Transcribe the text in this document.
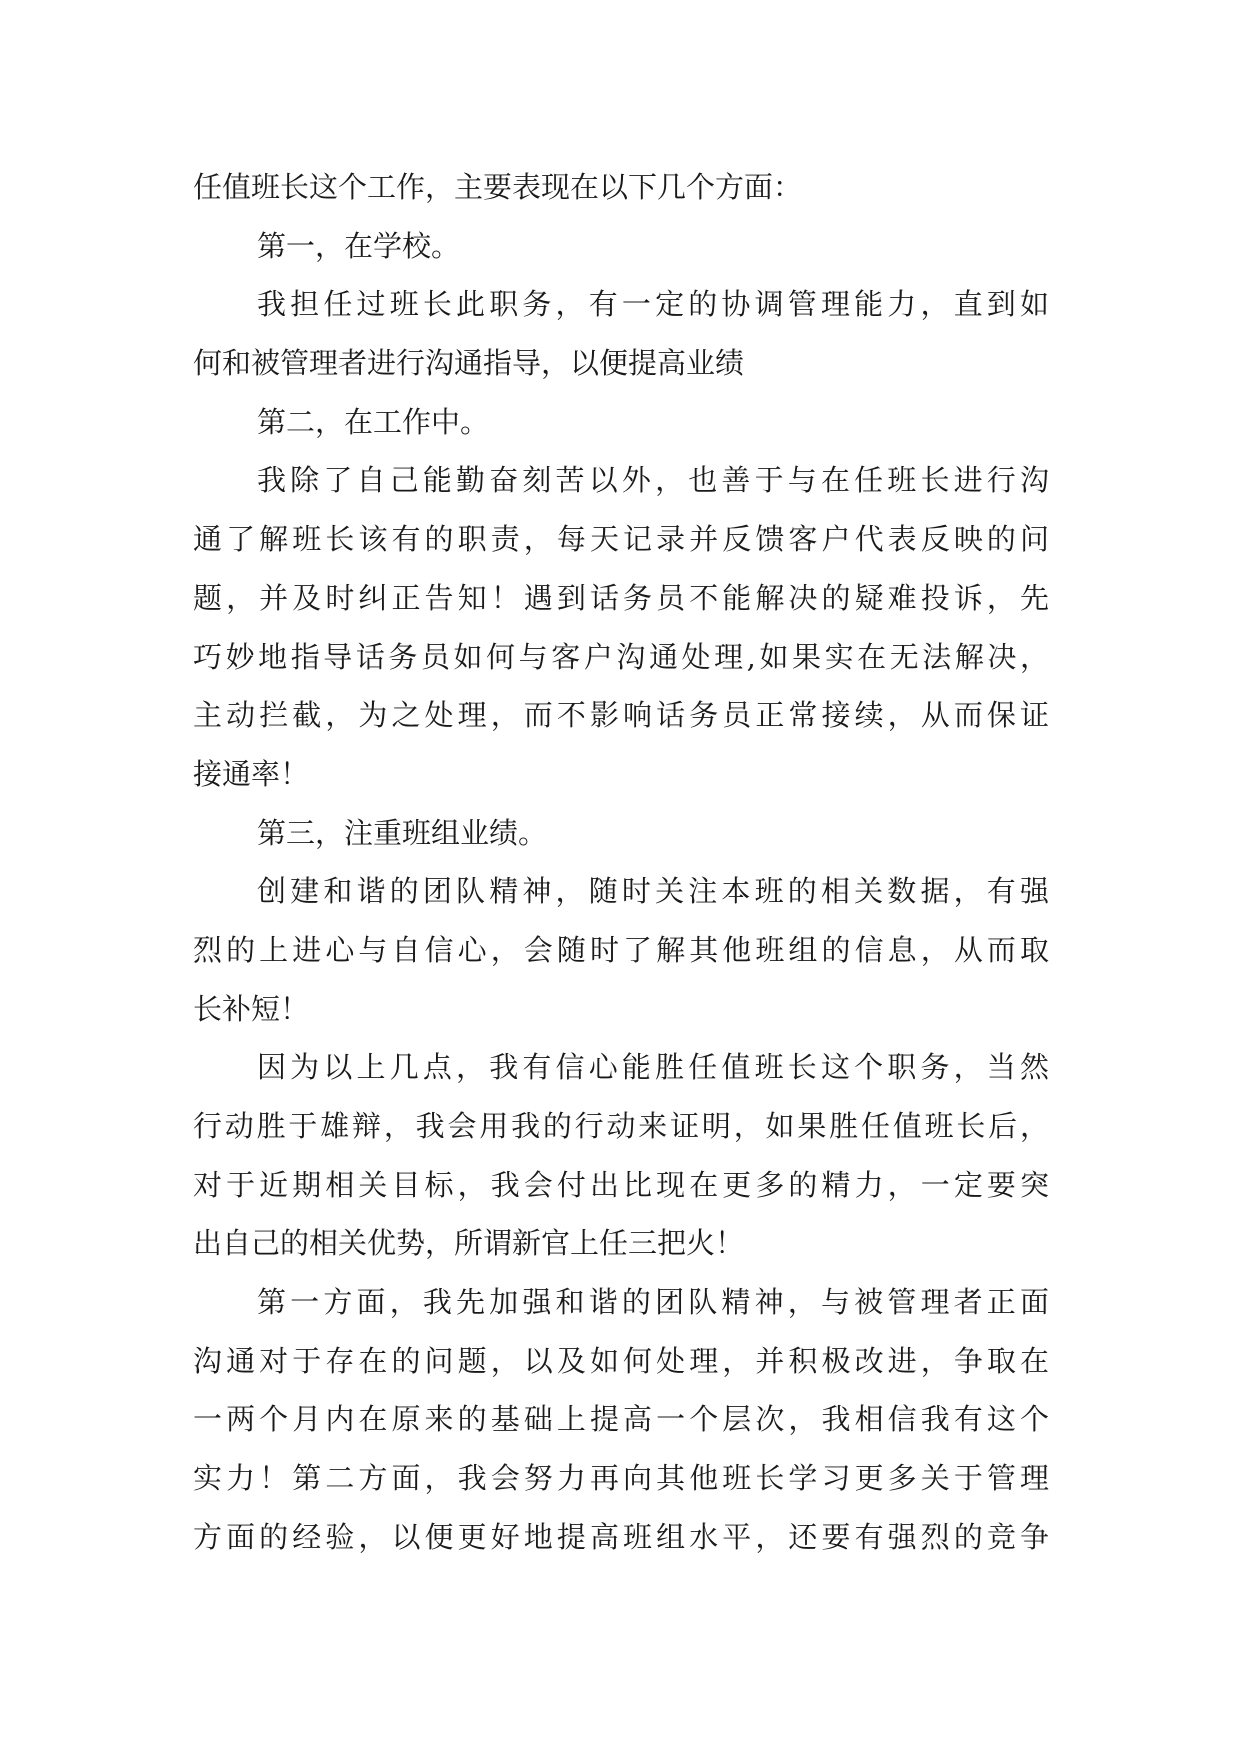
任值班长这个工作，主要表现在以下几个方面：
第一，在学校。
我担任过班长此职务，有一定的协调管理能力，直到如
何和被管理者进行沟通指导，以便提高业绩
第二，在工作中。
我除了自己能勤奋刻苦以外，也善于与在任班长进行沟
通了解班长该有的职责，每天记录并反馈客户代表反映的问
题，并及时纠正告知！遇到话务员不能解决的疑难投诉，先
巧妙地指导话务员如何与客户沟通处理,如果实在无法解决，
主动拦截，为之处理，而不影响话务员正常接续，从而保证
接通率！
第三，注重班组业绩。
创建和谐的团队精神，随时关注本班的相关数据，有强
烈的上进心与自信心，会随时了解其他班组的信息，从而取
长补短！
因为以上几点，我有信心能胜任值班长这个职务，当然
行动胜于雄辩，我会用我的行动来证明，如果胜任值班长后，
对于近期相关目标，我会付出比现在更多的精力，一定要突
出自己的相关优势，所谓新官上任三把火！
第一方面，我先加强和谐的团队精神，与被管理者正面
沟通对于存在的问题，以及如何处理，并积极改进，争取在
一两个月内在原来的基础上提高一个层次，我相信我有这个
实力！第二方面，我会努力再向其他班长学习更多关于管理
方面的经验，以便更好地提高班组水平，还要有强烈的竞争
